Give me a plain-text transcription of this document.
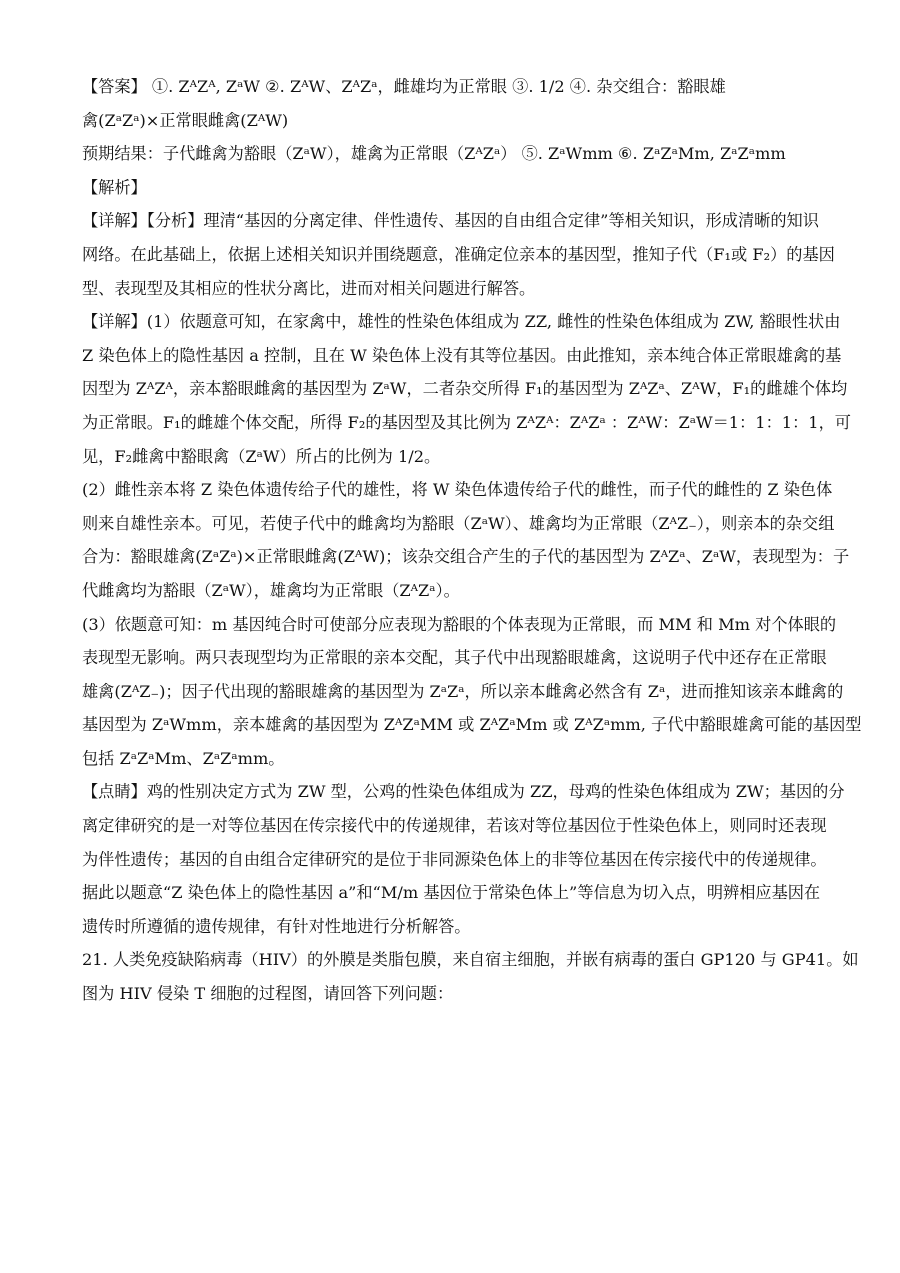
【答案】 ①. ZᴬZᴬ, ZᵃW ②. ZᴬW、ZᴬZᵃ，雌雄均为正常眼 ③. 1/2 ④. 杂交组合：豁眼雄
禽(ZᵃZᵃ)×正常眼雌禽(ZᴬW)
预期结果：子代雌禽为豁眼（ZᵃW），雄禽为正常眼（ZᴬZᵃ） ⑤. ZᵃWmm ⑥. ZᵃZᵃMm, ZᵃZᵃmm
【解析】
【详解】【分析】理清“基因的分离定律、伴性遗传、基因的自由组合定律”等相关知识，形成清晰的知识
网络。在此基础上，依据上述相关知识并围绕题意，准确定位亲本的基因型，推知子代（F₁或 F₂）的基因
型、表现型及其相应的性状分离比，进而对相关问题进行解答。
【详解】(1）依题意可知，在家禽中，雄性的性染色体组成为 ZZ, 雌性的性染色体组成为 ZW, 豁眼性状由
Z 染色体上的隐性基因 a 控制，且在 W 染色体上没有其等位基因。由此推知，亲本纯合体正常眼雄禽的基
因型为 ZᴬZᴬ，亲本豁眼雌禽的基因型为 ZᵃW，二者杂交所得 F₁的基因型为 ZᴬZᵃ、ZᴬW，F₁的雌雄个体均
为正常眼。F₁的雌雄个体交配，所得 F₂的基因型及其比例为 ZᴬZᴬ：ZᴬZᵃ ：ZᴬW：ZᵃW＝1：1：1：1，可
见，F₂雌禽中豁眼禽（ZᵃW）所占的比例为 1/2。
(2）雌性亲本将 Z 染色体遗传给子代的雄性，将 W 染色体遗传给子代的雌性，而子代的雌性的 Z 染色体
则来自雄性亲本。可见，若使子代中的雌禽均为豁眼（ZᵃW）、雄禽均为正常眼（ZᴬZ₋），则亲本的杂交组
合为：豁眼雄禽(ZᵃZᵃ)×正常眼雌禽(ZᴬW)；该杂交组合产生的子代的基因型为 ZᴬZᵃ、ZᵃW，表现型为：子
代雌禽均为豁眼（ZᵃW），雄禽均为正常眼（ZᴬZᵃ）。
(3）依题意可知：m 基因纯合时可使部分应表现为豁眼的个体表现为正常眼，而 MM 和 Mm 对个体眼的
表现型无影响。两只表现型均为正常眼的亲本交配，其子代中出现豁眼雄禽，这说明子代中还存在正常眼
雄禽(ZᴬZ₋)；因子代出现的豁眼雄禽的基因型为 ZᵃZᵃ，所以亲本雌禽必然含有 Zᵃ，进而推知该亲本雌禽的
基因型为 ZᵃWmm，亲本雄禽的基因型为 ZᴬZᵃMM 或 ZᴬZᵃMm 或 ZᴬZᵃmm, 子代中豁眼雄禽可能的基因型
包括 ZᵃZᵃMm、ZᵃZᵃmm。
【点睛】鸡的性别决定方式为 ZW 型，公鸡的性染色体组成为 ZZ，母鸡的性染色体组成为 ZW；基因的分
离定律研究的是一对等位基因在传宗接代中的传递规律，若该对等位基因位于性染色体上，则同时还表现
为伴性遗传；基因的自由组合定律研究的是位于非同源染色体上的非等位基因在传宗接代中的传递规律。
据此以题意“Z 染色体上的隐性基因 a”和“M/m 基因位于常染色体上”等信息为切入点，明辨相应基因在
遗传时所遵循的遗传规律，有针对性地进行分析解答。
21. 人类免疫缺陷病毒（HIV）的外膜是类脂包膜，来自宿主细胞，并嵌有病毒的蛋白 GP120 与 GP41。如
图为 HIV 侵染 T 细胞的过程图，请回答下列问题：
